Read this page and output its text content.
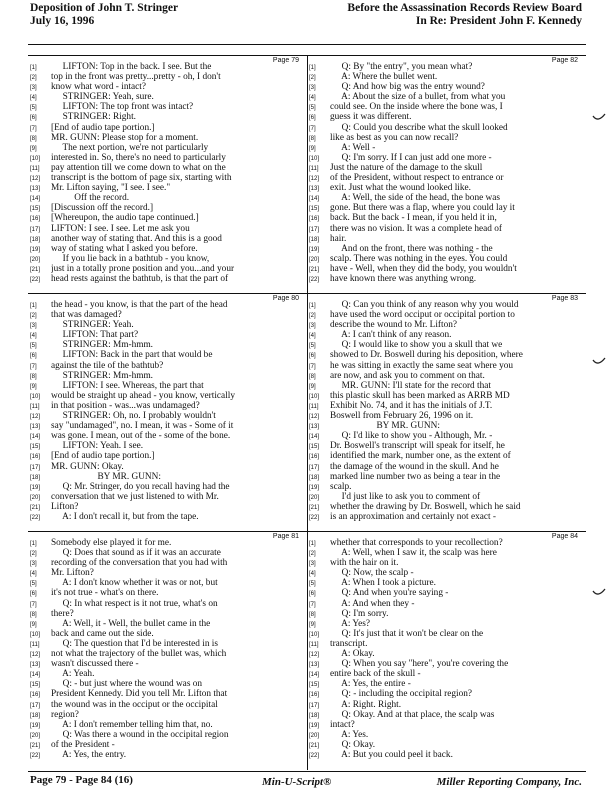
Deposition of John T. Stringer
July 16, 1996
Before the Assassination Records Review Board
In Re: President John F. Kennedy
Page 79
[1]	LIFTON: Top in the back. I see. But the
[2]	top in the front was pretty...pretty - oh, I don't
[3]	know what word - intact?
[4]	STRINGER: Yeah, sure.
[5]	LIFTON: The top front was intact?
[6]	STRINGER: Right.
[7]	[End of audio tape portion.]
[8]	MR. GUNN: Please stop for a moment.
[9]	The next portion, we're not particularly
[10]	interested in. So, there's no need to particularly
[11]	pay attention till we come down to what on the
[12]	transcript is the bottom of page six, starting with
[13]	Mr. Lifton saying, "I see. I see."
[14]	Off the record.
[15]	[Discussion off the record.]
[16]	[Whereupon, the audio tape continued.]
[17]	LIFTON: I see. I see. Let me ask you
[18]	another way of stating that. And this is a good
[19]	way of stating what I asked you before.
[20]	If you lie back in a bathtub - you know,
[21]	just in a totally prone position and you...and your
[22]	head rests against the bathtub, is that the part of
Page 80
[1]	the head - you know, is that the part of the head
[2]	that was damaged?
[3]	STRINGER: Yeah.
[4]	LIFTON: That part?
[5]	STRINGER: Mm-hmm.
[6]	LIFTON: Back in the part that would be
[7]	against the tile of the bathtub?
[8]	STRINGER: Mm-hmm.
[9]	LIFTON: I see. Whereas, the part that
[10]	would be straight up ahead - you know, vertically
[11]	in that position - was...was undamaged?
[12]	STRINGER: Oh, no. I probably wouldn't
[13]	say "undamaged", no. I mean, it was - Some of it
[14]	was gone. I mean, out of the - some of the bone.
[15]	LIFTON: Yeah. I see.
[16]	[End of audio tape portion.]
[17]	MR. GUNN: Okay.
[18]	BY MR. GUNN:
[19]	Q: Mr. Stringer, do you recall having had the
[20]	conversation that we just listened to with Mr.
[21]	Lifton?
[22]	A: I don't recall it, but from the tape.
Page 81
[1]	Somebody else played it for me.
[2]	Q: Does that sound as if it was an accurate
[3]	recording of the conversation that you had with
[4]	Mr. Lifton?
[5]	A: I don't know whether it was or not, but
[6]	it's not true - what's on there.
[7]	Q: In what respect is it not true, what's on
[8]	there?
[9]	A: Well, it - Well, the bullet came in the
[10]	back and came out the side.
[11]	Q: The question that I'd be interested in is
[12]	not what the trajectory of the bullet was, which
[13]	wasn't discussed there -
[14]	A: Yeah.
[15]	Q: - but just where the wound was on
[16]	President Kennedy. Did you tell Mr. Lifton that
[17]	the wound was in the occiput or the occipital
[18]	region?
[19]	A: I don't remember telling him that, no.
[20]	Q: Was there a wound in the occipital region
[21]	of the President -
[22]	A: Yes, the entry.
Page 82
[1]	Q: By "the entry", you mean what?
[2]	A: Where the bullet went.
[3]	Q: And how big was the entry wound?
[4]	A: About the size of a bullet, from what you
[5]	could see. On the inside where the bone was, I
[6]	guess it was different.
[7]	Q: Could you describe what the skull looked
[8]	like as best as you can now recall?
[9]	A: Well -
[10]	Q: I'm sorry. If I can just add one more -
[11]	Just the nature of the damage to the skull
[12]	of the President, without respect to entrance or
[13]	exit. Just what the wound looked like.
[14]	A: Well, the side of the head, the bone was
[15]	gone. But there was a flap, where you could lay it
[16]	back. But the back - I mean, if you held it in,
[17]	there was no vision. It was a complete head of
[18]	hair.
[19]	And on the front, there was nothing - the
[20]	scalp. There was nothing in the eyes. You could
[21]	have - Well, when they did the body, you wouldn't
[22]	have known there was anything wrong.
Page 83
[1]	Q: Can you think of any reason why you would
[2]	have used the word occiput or occipital portion to
[3]	describe the wound to Mr. Lifton?
[4]	A: I can't think of any reason.
[5]	Q: I would like to show you a skull that we
[6]	showed to Dr. Boswell during his deposition, where
[7]	he was sitting in exactly the same seat where you
[8]	are now, and ask you to comment on that.
[9]	MR. GUNN: I'll state for the record that
[10]	this plastic skull has been marked as ARRB MD
[11]	Exhibit No. 74, and it has the initials of J.T.
[12]	Boswell from February 26, 1996 on it.
[13]	BY MR. GUNN:
[14]	Q: I'd like to show you - Although, Mr. -
[15]	Dr. Boswell's transcript will speak for itself, he
[16]	identified the mark, number one, as the extent of
[17]	the damage of the wound in the skull. And he
[18]	marked line number two as being a tear in the
[19]	scalp.
[20]	I'd just like to ask you to comment of
[21]	whether the drawing by Dr. Boswell, which he said
[22]	is an approximation and certainly not exact -
Page 84
[1]	whether that corresponds to your recollection?
[2]	A: Well, when I saw it, the scalp was here
[3]	with the hair on it.
[4]	Q: Now, the scalp -
[5]	A: When I took a picture.
[6]	Q: And when you're saying -
[7]	A: And when they -
[8]	Q: I'm sorry.
[9]	A: Yes?
[10]	Q: It's just that it won't be clear on the
[11]	transcript.
[12]	A: Okay.
[13]	Q: When you say "here", you're covering the
[14]	entire back of the skull -
[15]	A: Yes, the entire -
[16]	Q: - including the occipital region?
[17]	A: Right. Right.
[18]	Q: Okay. And at that place, the scalp was
[19]	intact?
[20]	A: Yes.
[21]	Q: Okay.
[22]	A: But you could peel it back.
Page 79 - Page 84 (16)	Min-U-Script®	Miller Reporting Company, Inc.
